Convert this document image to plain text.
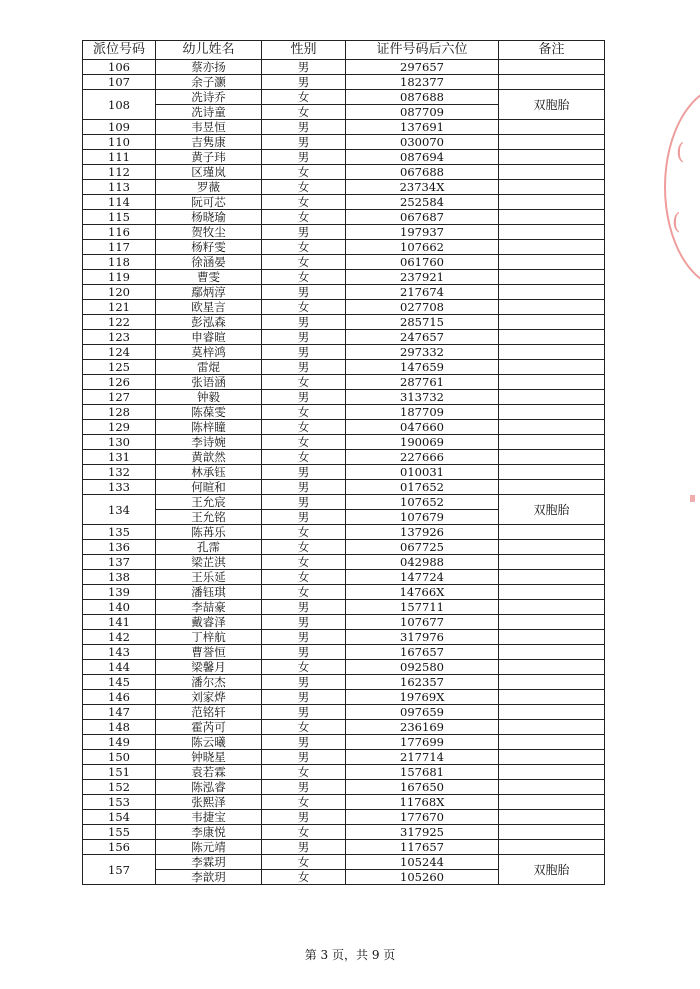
(
(
派位号码	幼儿姓名	性别	证件号码后六位	备注
106	蔡亦扬	男	297657	
107	余子灏	男	182377	
108	冼诗乔	女	087688	双胞胎
	冼诗童	女	087709	
109	韦昱恒	男	137691	
110	吉隽康	男	030070	
111	黄子玮	男	087694	
112	区瑾岚	女	067688	
113	罗薇	女	23734X	
114	阮可芯	女	252584	
115	杨晓瑜	女	067687	
116	贺牧尘	男	197937	
117	杨籽雯	女	107662	
118	徐涵晏	女	061760	
119	曹雯	女	237921	
120	鄢炳淳	男	217674	
121	欧星言	女	027708	
122	彭泓森	男	285715	
123	申睿暄	男	247657	
124	莫梓鸿	男	297332	
125	雷焜	男	147659	
126	张语涵	女	287761	
127	钟毅	男	313732	
128	陈葆雯	女	187709	
129	陈梓瞳	女	047660	
130	李诗婉	女	190069	
131	黄歆然	女	227666	
132	林承钰	男	010031	
133	何暄和	男	017652	
134	王允宸	男	107652	双胞胎
	王允铭	男	107679	
135	陈苒乐	女	137926	
136	孔霈	女	067725	
137	梁芷淇	女	042988	
138	王乐延	女	147724	
139	潘钰琪	女	14766X	
140	李喆豪	男	157711	
141	戴睿泽	男	107677	
142	丁梓航	男	317976	
143	曹誉恒	男	167657	
144	梁馨月	女	092580	
145	潘尔杰	男	162357	
146	刘家烨	男	19769X	
147	范铭轩	男	097659	
148	霍芮可	女	236169	
149	陈云曦	男	177699	
150	钟晓星	男	217714	
151	袁若霖	女	157681	
152	陈泓睿	男	167650	
153	张熙泽	女	11768X	
154	韦捷宝	男	177670	
155	李康悦	女	317925	
156	陈元靖	男	117657	
157	李霖玥	女	105244	双胞胎
	李歆玥	女	105260	
第 3 页，共 9 页
